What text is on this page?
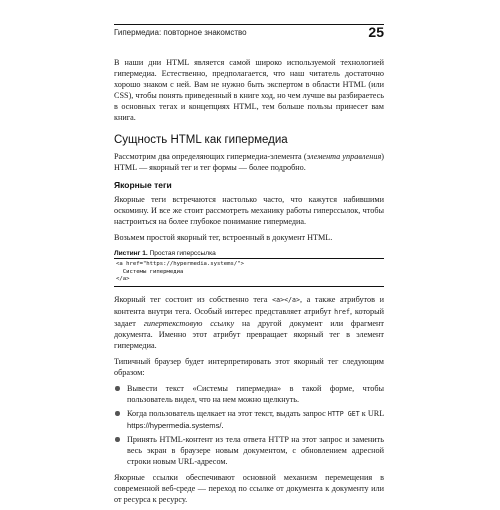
Гипермедиа: повторное знакомство	25

В наши дни HTML является самой широко используемой технологией гипермедиа. Естественно, предполагается, что наш читатель достаточно хорошо знаком с ней. Вам не нужно быть экспертом в области HTML (или CSS), чтобы понять приведенный в книге ход, но чем лучше вы разбираетесь в основных тегах и концепциях HTML, тем больше пользы принесет вам книга.

Сущность HTML как гипермедиа

Рассмотрим два определяющих гипермедиа-элемента (элемента управления) HTML — якорный тег и тег формы — более подробно.

Якорные теги

Якорные теги встречаются настолько часто, что кажутся набившими оскомину. И все же стоит рассмотреть механику работы гиперссылок, чтобы настроиться на более глубокое понимание гипермедиа.

Возьмем простой якорный тег, встроенный в документ HTML.

Листинг 1. Простая гиперссылка
<a href="https://hypermedia.systems/">
Системы гипермедиа
</a>

Якорный тег состоит из собственно тега <a></a>, а также атрибутов и контента внутри тега. Особый интерес представляет атрибут href, который задает гипертекстовую ссылку на другой документ или фрагмент документа. Именно этот атрибут превращает якорный тег в элемент гипермедиа.

Типичный браузер будет интерпретировать этот якорный тег следующим образом:

Вывести текст «Системы гипермедиа» в такой форме, чтобы пользователь видел, что на нем можно щелкнуть.
Когда пользователь щелкает на этот текст, выдать запрос HTTP GET к URL https://hypermedia.systems/.
Принять HTML-контент из тела ответа HTTP на этот запрос и заменить весь экран в браузере новым документом, с обновлением адресной строки новым URL-адресом.

Якорные ссылки обеспечивают основной механизм перемещения в современной веб-среде — переход по ссылке от документа к документу или от ресурса к ресурсу.
